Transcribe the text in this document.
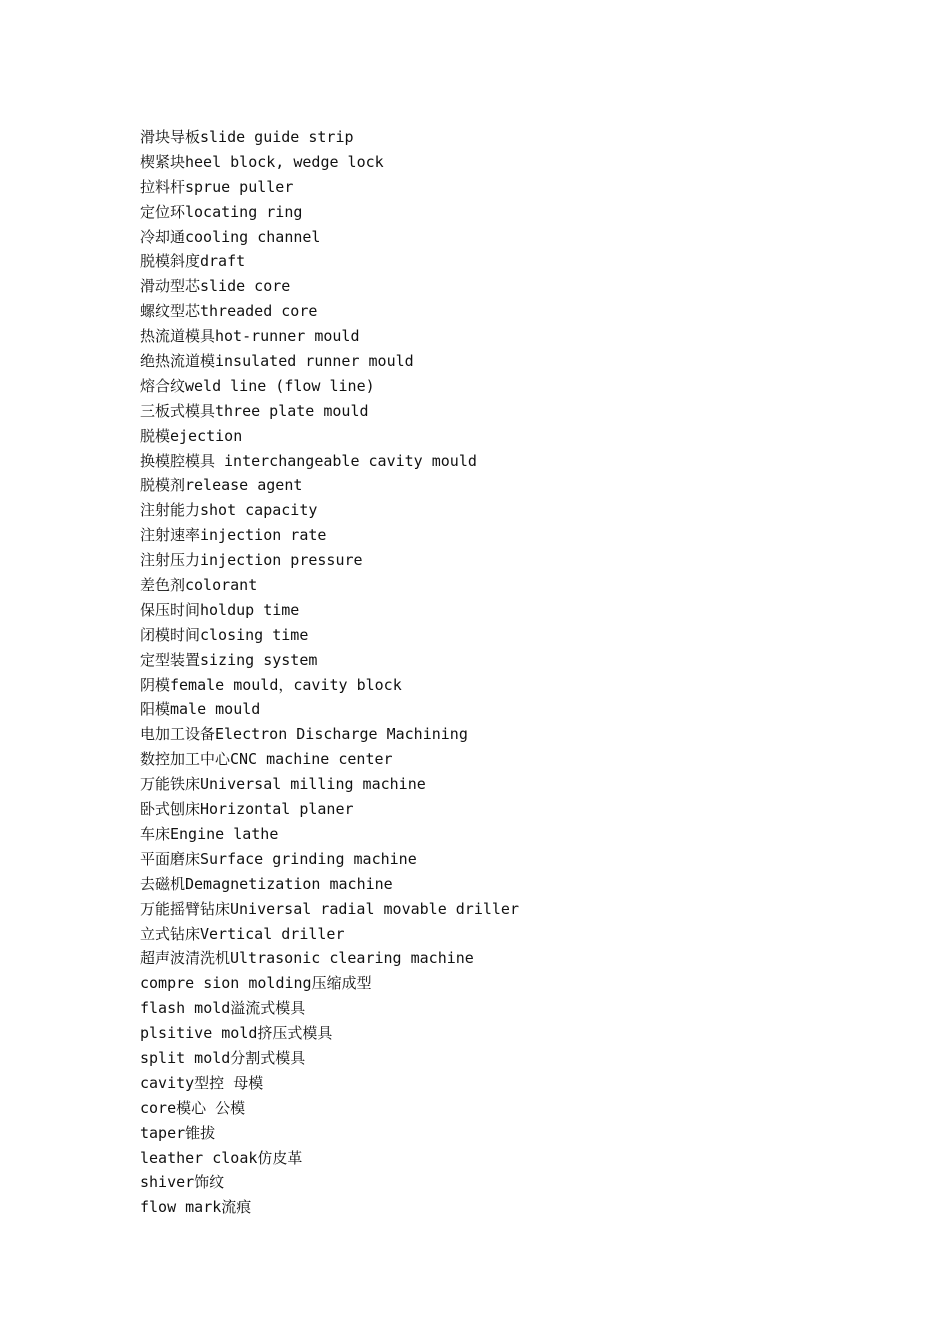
滑块导板slide guide strip
楔紧块heel block, wedge lock
拉料杆sprue puller
定位环locating ring
冷却通cooling channel
脱模斜度draft
滑动型芯slide core
螺纹型芯threaded core
热流道模具hot-runner mould
绝热流道模insulated runner mould
熔合纹weld line (flow line)
三板式模具three plate mould
脱模ejection
换模腔模具 interchangeable cavity mould
脱模剂release agent
注射能力shot capacity
注射速率injection rate
注射压力injection pressure
差色剂colorant
保压时间holdup time
闭模时间closing time
定型装置sizing system
阴模female mould，cavity block
阳模male mould
电加工设备Electron Discharge Machining
数控加工中心CNC machine center
万能铁床Universal milling machine
卧式刨床Horizontal planer
车床Engine lathe
平面磨床Surface grinding machine
去磁机Demagnetization machine
万能摇臂钻床Universal radial movable driller
立式钻床Vertical driller
超声波清洗机Ultrasonic clearing machine
compre sion molding压缩成型
flash mold溢流式模具
plsitive mold挤压式模具
split mold分割式模具
cavity型控 母模
core模心 公模
taper锥拔
leather cloak仿皮革
shiver饰纹
flow mark流痕
